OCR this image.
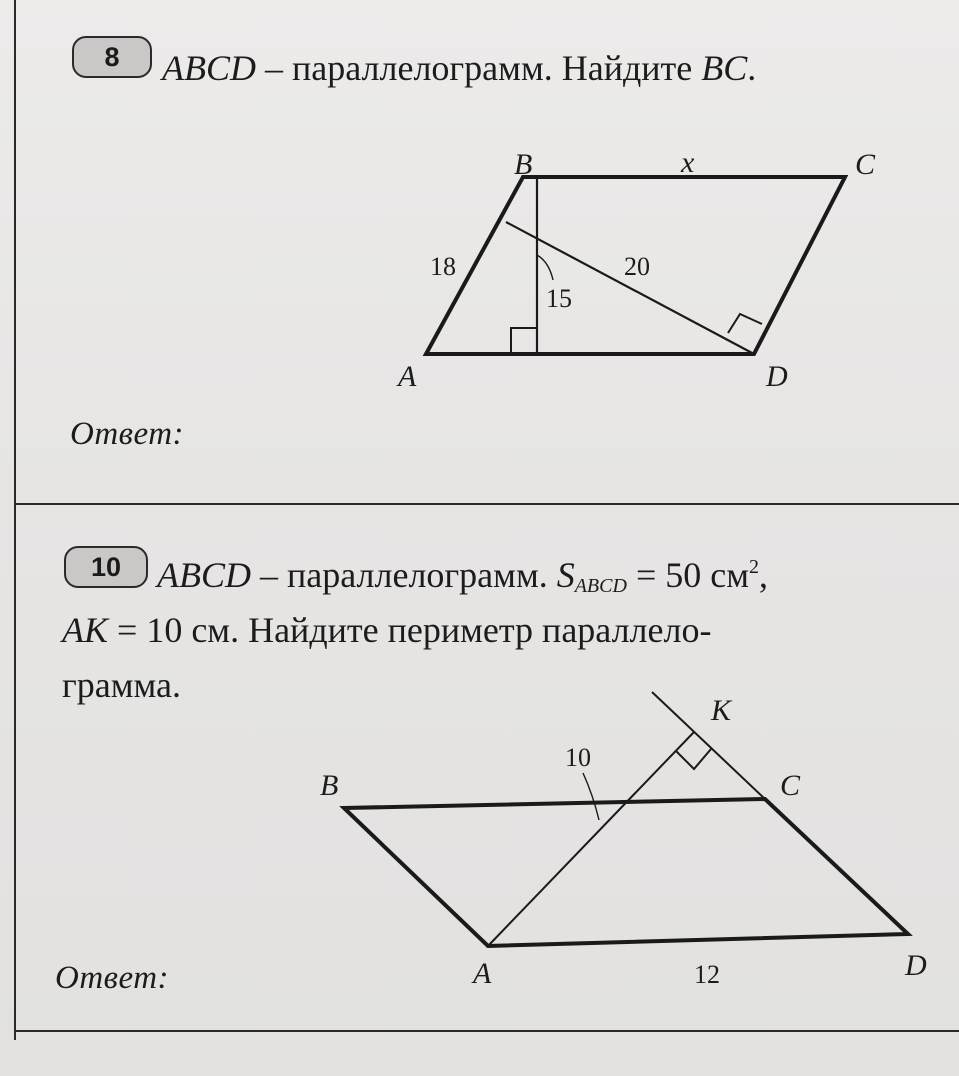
8	ABCD – параллелограмм. Найдите BC.
Ответ:
10 ABCD – параллелограмм. $S_{ABCD} = 50$ $см^2$,
AK = 10 см. Найдите периметр параллело-
грамма.
Ответ:
B	C
A	D
x
18
15
20
B	C
A	D
K
10
12
